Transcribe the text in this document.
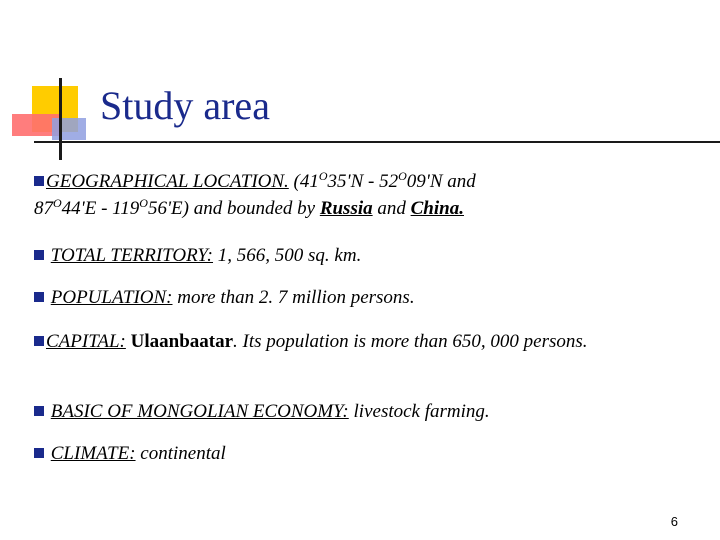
Study area
GEOGRAPHICAL LOCATION. ($41^O35'N - 52^O09'N$ and
$87^O44'E - 119^O56'E$) and bounded by Russia and China.
TOTAL TERRITORY: 1, 566, 500 sq. km.
POPULATION: more than 2. 7 million persons.
CAPITAL: Ulaanbaatar. Its population is more than 650, 000 persons.
BASIC OF MONGOLIAN ECONOMY: livestock farming.
CLIMATE: continental
6
